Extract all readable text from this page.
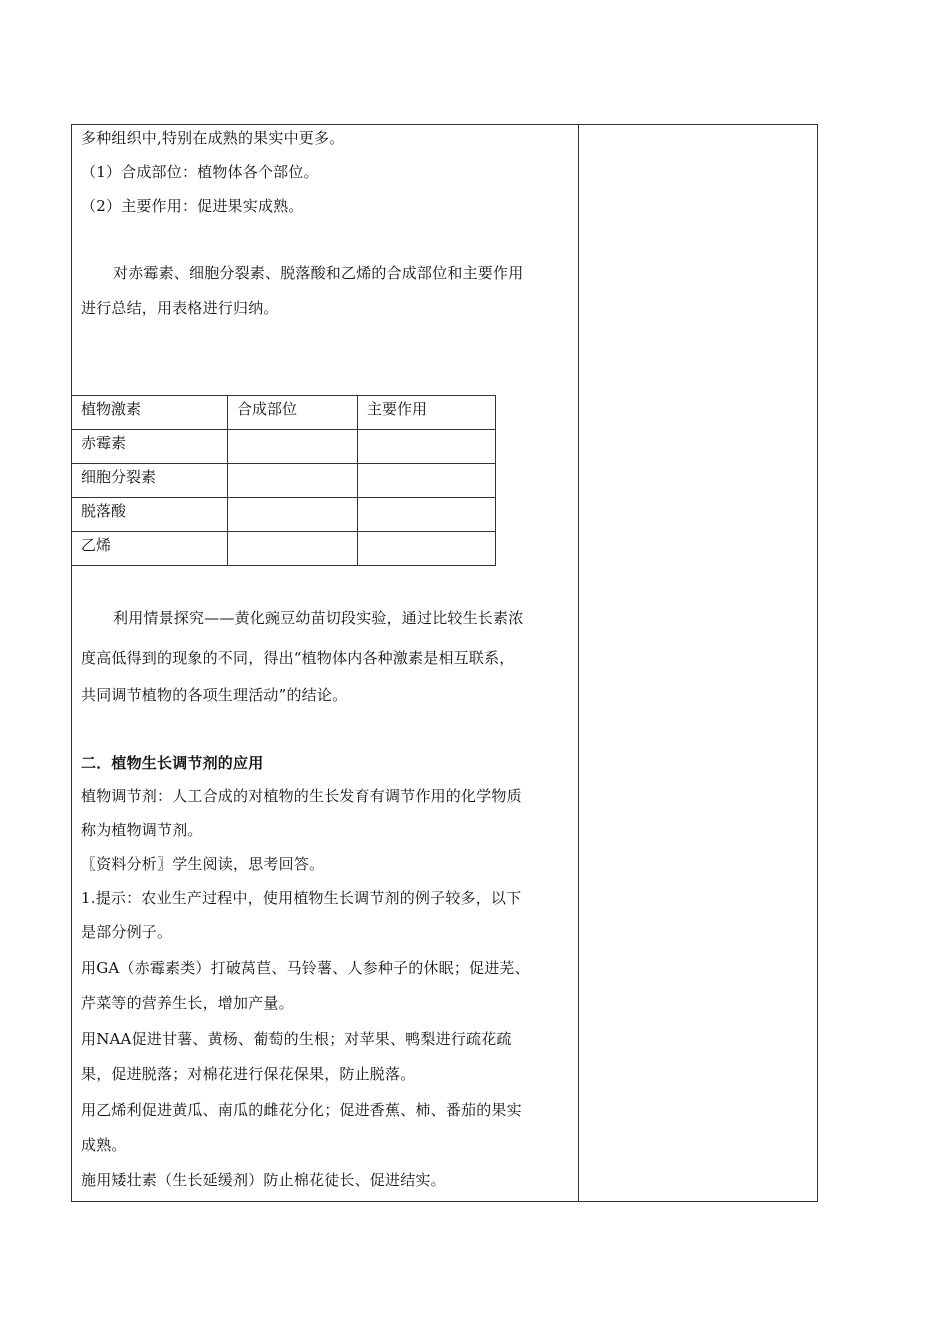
多种组织中,特别在成熟的果实中更多。
（1）合成部位：植物体各个部位。
（2）主要作用：促进果实成熟。
对赤霉素、细胞分裂素、脱落酸和乙烯的合成部位和主要作用
进行总结，用表格进行归纳。
植物激素	合成部位	主要作用
赤霉素		
细胞分裂素		
脱落酸		
乙烯		
利用情景探究——黄化豌豆幼苗切段实验，通过比较生长素浓
度高低得到的现象的不同，得出“植物体内各种激素是相互联系，
共同调节植物的各项生理活动”的结论。
二．植物生长调节剂的应用
植物调节剂：人工合成的对植物的生长发育有调节作用的化学物质
称为植物调节剂。
〖资料分析〗学生阅读，思考回答。
1.提示：农业生产过程中，使用植物生长调节剂的例子较多，以下
是部分例子。
用GA（赤霉素类）打破莴苣、马铃薯、人参种子的休眠；促进芜、
芹菜等的营养生长，增加产量。
用NAA促进甘薯、黄杨、葡萄的生根；对苹果、鸭梨进行疏花疏
果，促进脱落；对棉花进行保花保果，防止脱落。
用乙烯利促进黄瓜、南瓜的雌花分化；促进香蕉、柿、番茄的果实
成熟。
施用矮壮素（生长延缓剂）防止棉花徒长、促进结实。
